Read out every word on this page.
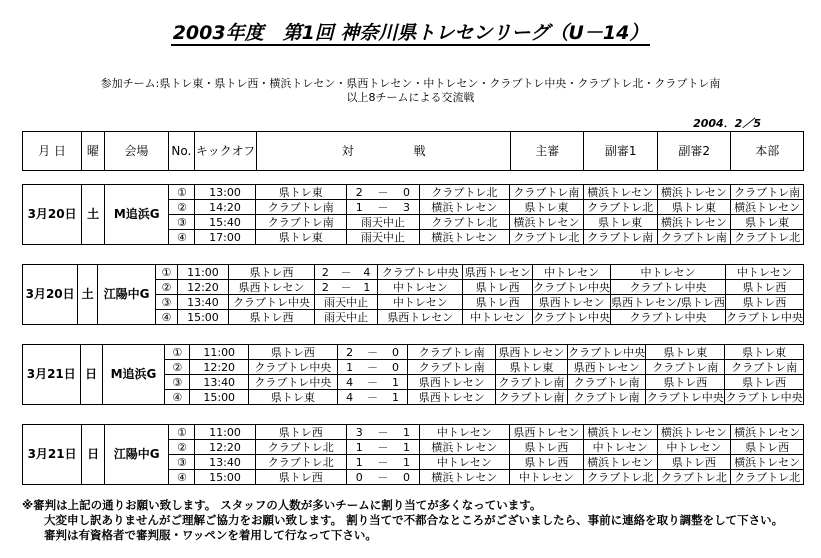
2003年度　第1回 神奈川県トレセンリーグ（U－14）
参加チーム:県トレ東・県トレ西・横浜トレセン・県西トレセン・中トレセン・クラブトレ中央・クラブトレ北・クラブトレ南
以上8チームによる交流戦
2004．2／5
月 日	曜	会場	No.	キックオフ	対　　　　　戦	主審	副審1	副審2	本部
3月20日	土	M追浜G	①	13:00	県トレ東	2	－	0	クラブトレ北	クラブトレ南	横浜トレセン	横浜トレセン	クラブトレ南
			②	14:20	クラブトレ南	1	－	3	横浜トレセン	県トレ東	クラブトレ北	県トレ東	横浜トレセン
			③	15:40	クラブトレ南	雨天中止			クラブトレ北	横浜トレセン	県トレ東	横浜トレセン	県トレ東
			④	17:00	県トレ東	雨天中止			横浜トレセン	クラブトレ北	クラブトレ南	クラブトレ南	クラブトレ北
3月20日	土	江陽中G	①	11:00	県トレ西	2	－	4	クラブトレ中央	県西トレセン	中トレセン	中トレセン	中トレセン
			②	12:20	県西トレセン	2	－	1	中トレセン	県トレ西	クラブトレ中央	クラブトレ中央	県トレ西
			③	13:40	クラブトレ中央	雨天中止			中トレセン	県トレ西	県西トレセン	県西トレセン/県トレ西	県トレ西
			④	15:00	県トレ西	雨天中止			県西トレセン	中トレセン	クラブトレ中央	クラブトレ中央	クラブトレ中央
3月21日	日	M追浜G	①	11:00	県トレ西	2	－	0	クラブトレ南	県西トレセン	クラブトレ中央	県トレ東	県トレ東
			②	12:20	クラブトレ中央	1	－	0	クラブトレ南	県トレ東	県西トレセン	クラブトレ南	クラブトレ南
			③	13:40	クラブトレ中央	4	－	1	県西トレセン	クラブトレ南	クラブトレ南	県トレ西	県トレ西
			④	15:00	県トレ東	4	－	1	県西トレセン	クラブトレ南	クラブトレ南	クラブトレ中央	クラブトレ中央
3月21日	日	江陽中G	①	11:00	県トレ西	3	－	1	中トレセン	県西トレセン	横浜トレセン	横浜トレセン	横浜トレセン
			②	12:20	クラブトレ北	1	－	1	横浜トレセン	県トレ西	中トレセン	中トレセン	県トレ西
			③	13:40	クラブトレ北	1	－	1	中トレセン	県トレ西	横浜トレセン	県トレ西	横浜トレセン
			④	15:00	県トレ西	0	－	0	横浜トレセン	中トレセン	クラブトレ北	クラブトレ北	クラブトレ北
※審判は上記の通りお願い致します。 スタッフの人数が多いチームに割り当てが多くなっています。
大変申し訳ありませんがご理解ご協力をお願い致します。 割り当てで不都合なところがございましたら、事前に連絡を取り調整をして下さい。
審判は有資格者で審判服・ワッペンを着用して行なって下さい。
